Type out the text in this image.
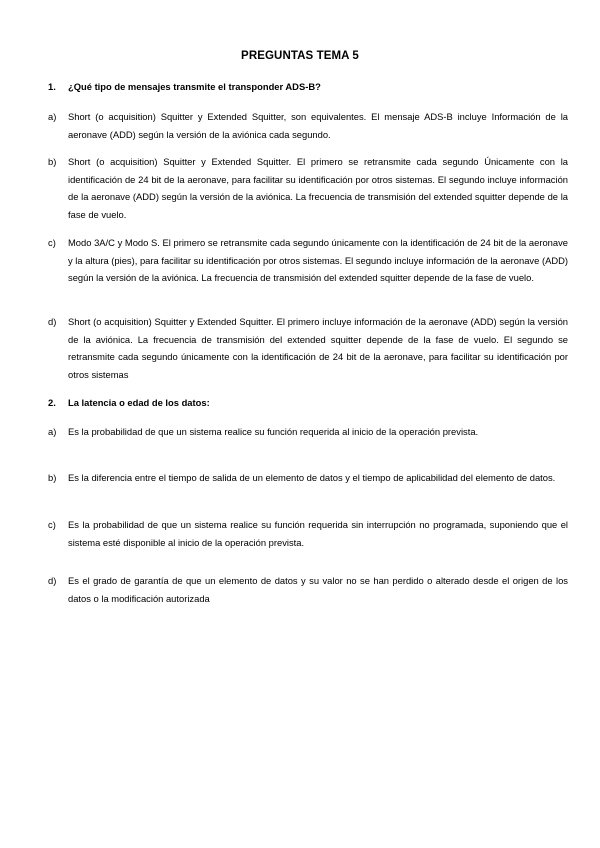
PREGUNTAS TEMA 5
1. ¿Qué tipo de mensajes transmite el transponder ADS-B?
a)	Short (o acquisition) Squitter y Extended Squitter, son equivalentes. El mensaje ADS-B incluye Información de la aeronave (ADD) según la versión de la aviónica cada segundo.
b)	Short (o acquisition) Squitter y Extended Squitter. El primero se retransmite cada segundo Únicamente con la identificación de 24 bit de la aeronave, para facilitar su identificación por otros sistemas. El segundo incluye información de la aeronave (ADD) según la versión de la aviónica. La frecuencia de transmisión del extended squitter depende de la fase de vuelo.
c)	Modo 3A/C y Modo S. El primero se retransmite cada segundo únicamente con la identificación de 24 bit de la aeronave y la altura (pies), para facilitar su identificación por otros sistemas. El segundo incluye información de la aeronave (ADD) según la versión de la aviónica. La frecuencia de transmisión del extended squitter depende de la fase de vuelo.
d)	Short (o acquisition) Squitter y Extended Squitter. El primero incluye información de la aeronave (ADD) según la versión de la aviónica. La frecuencia de transmisión del extended squitter depende de la fase de vuelo. El segundo se retransmite cada segundo únicamente con la identificación de 24 bit de la aeronave, para facilitar su identificación por otros sistemas
2. La latencia o edad de los datos:
a)	Es la probabilidad de que un sistema realice su función requerida al inicio de la operación prevista.
b)	Es la diferencia entre el tiempo de salida de un elemento de datos y el tiempo de aplicabilidad del elemento de datos.
c)	Es la probabilidad de que un sistema realice su función requerida sin interrupción no programada, suponiendo que el sistema esté disponible al inicio de la operación prevista.
d)	Es el grado de garantía de que un elemento de datos y su valor no se han perdido o alterado desde el origen de los datos o la modificación autorizada
